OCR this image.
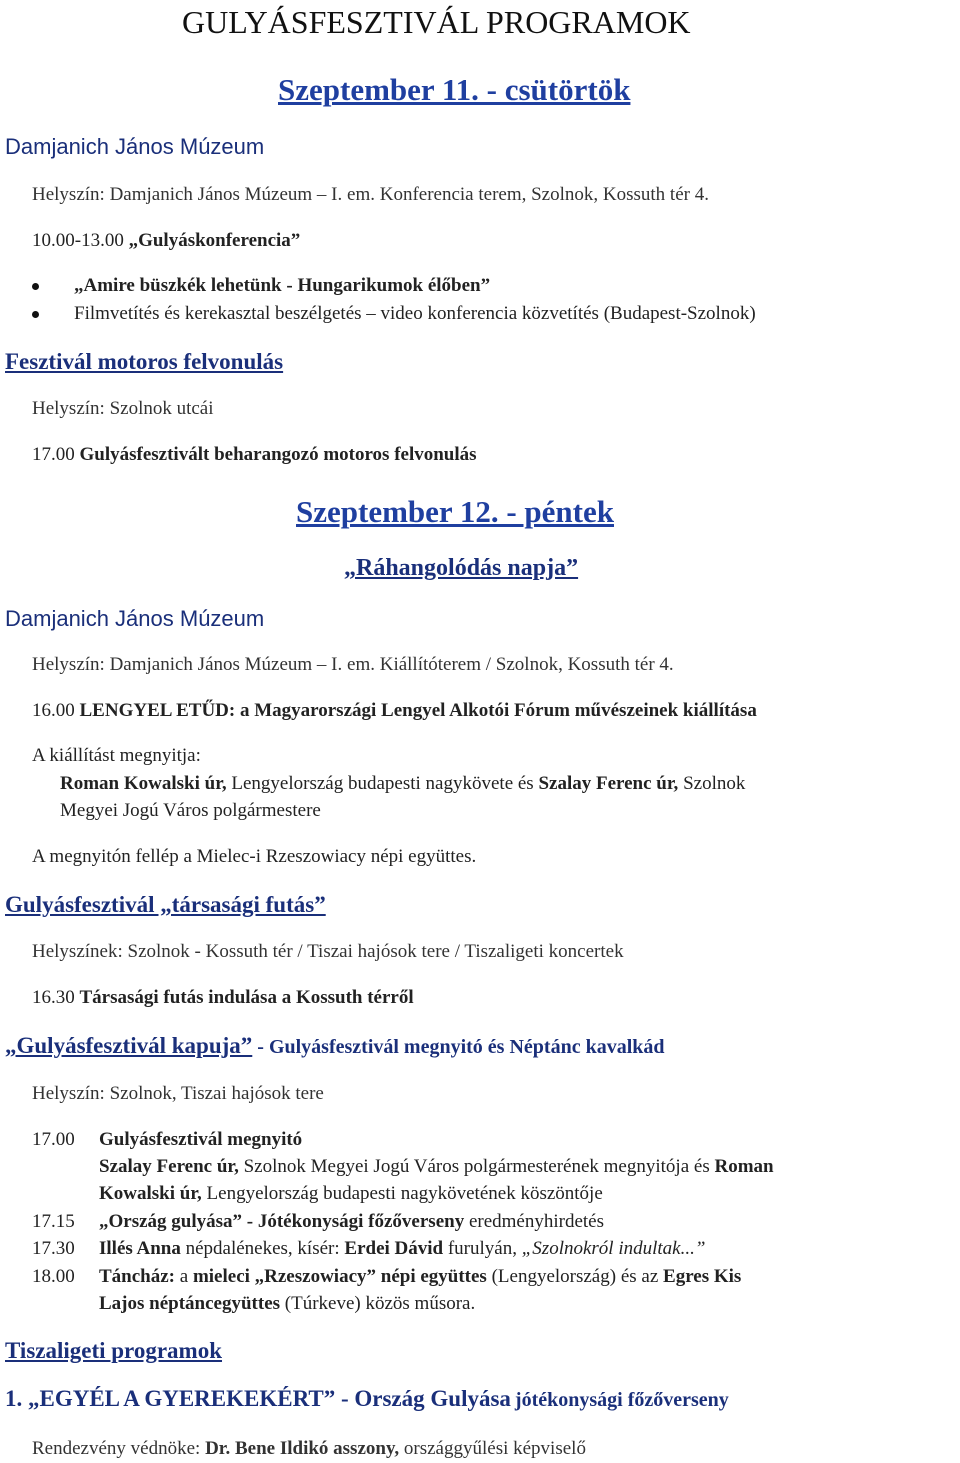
GULYÁSFESZTIVÁL PROGRAMOK
Szeptember 11. - csütörtök
Damjanich János Múzeum
Helyszín: Damjanich János Múzeum – I. em. Konferencia terem, Szolnok, Kossuth tér 4.
10.00-13.00 „Gulyáskonferencia”
„Amire büszkék lehetünk - Hungarikumok élőben”
Filmvetítés és kerekasztal beszélgetés – video konferencia közvetítés (Budapest-Szolnok)
Fesztivál motoros felvonulás
Helyszín: Szolnok utcái
17.00 Gulyásfesztivált beharangozó motoros felvonulás
Szeptember 12. - péntek
„Ráhangolódás napja”
Damjanich János Múzeum
Helyszín: Damjanich János Múzeum – I. em. Kiállítóterem / Szolnok, Kossuth tér 4.
16.00 LENGYEL ETŰD: a Magyarországi Lengyel Alkotói Fórum művészeinek kiállítása
A kiállítást megnyitja:
Roman Kowalski úr, Lengyelország budapesti nagykövete és Szalay Ferenc úr, Szolnok
Megyei Jogú Város polgármestere
A megnyitón fellép a Mielec-i Rzeszowiacy népi együttes.
Gulyásfesztivál „társasági futás”
Helyszínek: Szolnok - Kossuth tér / Tiszai hajósok tere / Tiszaligeti koncertek
16.30 Társasági futás indulása a Kossuth térről
„Gulyásfesztivál kapuja” - Gulyásfesztivál megnyitó és Néptánc kavalkád
Helyszín: Szolnok, Tiszai hajósok tere
17.00 Gulyásfesztivál megnyitó
Szalay Ferenc úr, Szolnok Megyei Jogú Város polgármesterének megnyitója és Roman
Kowalski úr, Lengyelország budapesti nagykövetének köszöntője
17.15 „Ország gulyása” - Jótékonysági főzőverseny eredményhirdetés
17.30 Illés Anna népdalénekes, kísér: Erdei Dávid furulyán, „Szolnokról indultak...”
18.00 Táncház: a mieleci „Rzeszowiacy” népi együttes (Lengyelország) és az Egres Kis
Lajos néptáncegyüttes (Túrkeve) közös műsora.
Tiszaligeti programok
1. „EGYÉL A GYEREKEKÉRT” - Ország Gulyása jótékonysági főzőverseny
Rendezvény védnöke: Dr. Bene Ildikó asszony, országgyűlési képviselő
